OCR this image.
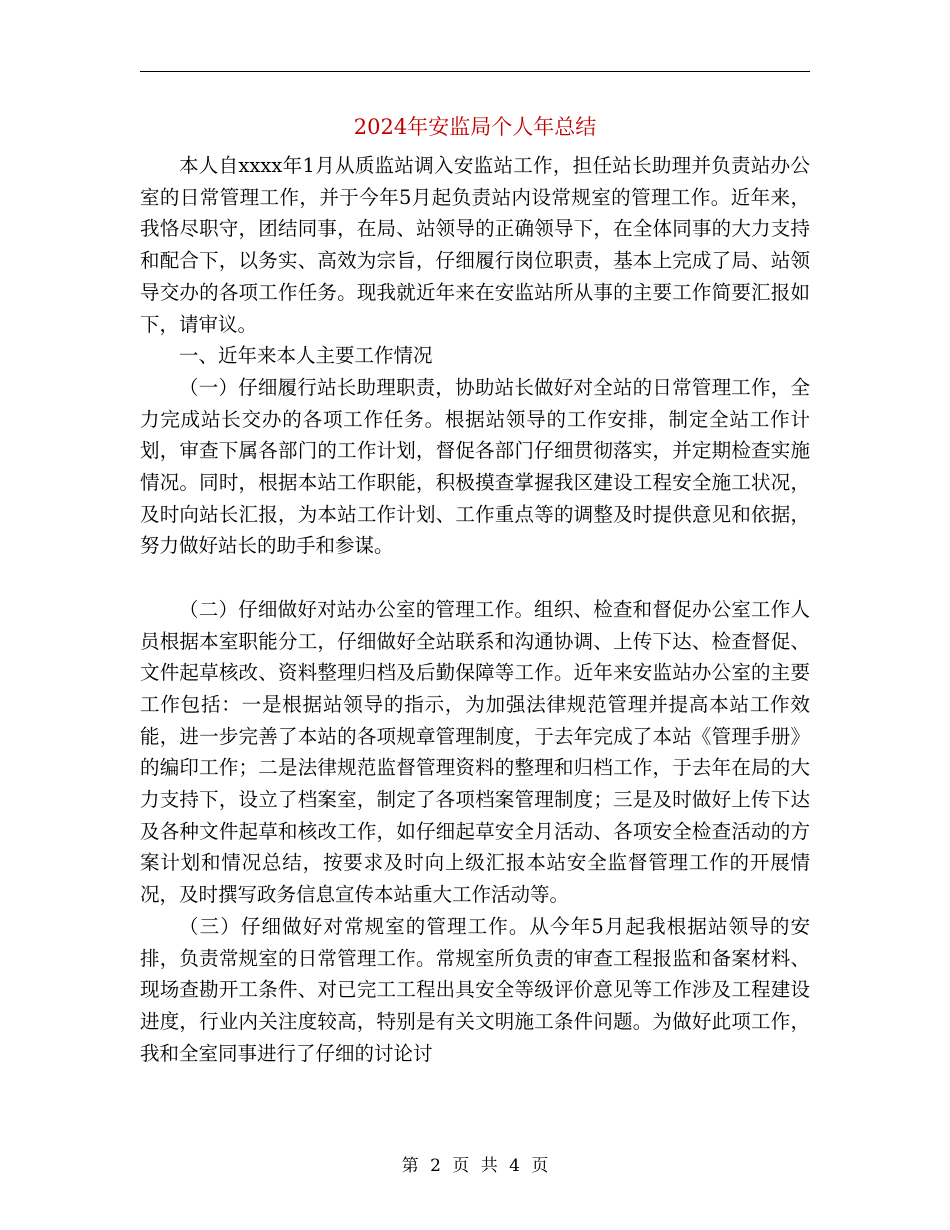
2024年安监局个人年总结

本人自xxxx年1月从质监站调入安监站工作，担任站长助理并负责站办公室的日常管理工作，并于今年5月起负责站内设常规室的管理工作。近年来，我恪尽职守，团结同事，在局、站领导的正确领导下，在全体同事的大力支持和配合下，以务实、高效为宗旨，仔细履行岗位职责，基本上完成了局、站领导交办的各项工作任务。现我就近年来在安监站所从事的主要工作简要汇报如下，请审议。

一、近年来本人主要工作情况

（一）仔细履行站长助理职责，协助站长做好对全站的日常管理工作，全力完成站长交办的各项工作任务。根据站领导的工作安排，制定全站工作计划，审查下属各部门的工作计划，督促各部门仔细贯彻落实，并定期检查实施情况。同时，根据本站工作职能，积极摸查掌握我区建设工程安全施工状况，及时向站长汇报，为本站工作计划、工作重点等的调整及时提供意见和依据，努力做好站长的助手和参谋。

（二）仔细做好对站办公室的管理工作。组织、检查和督促办公室工作人员根据本室职能分工，仔细做好全站联系和沟通协调、上传下达、检查督促、文件起草核改、资料整理归档及后勤保障等工作。近年来安监站办公室的主要工作包括：一是根据站领导的指示，为加强法律规范管理并提高本站工作效能，进一步完善了本站的各项规章管理制度，于去年完成了本站《管理手册》的编印工作；二是法律规范监督管理资料的整理和归档工作，于去年在局的大力支持下，设立了档案室，制定了各项档案管理制度；三是及时做好上传下达及各种文件起草和核改工作，如仔细起草安全月活动、各项安全检查活动的方案计划和情况总结，按要求及时向上级汇报本站安全监督管理工作的开展情况，及时撰写政务信息宣传本站重大工作活动等。

（三）仔细做好对常规室的管理工作。从今年5月起我根据站领导的安排，负责常规室的日常管理工作。常规室所负责的审查工程报监和备案材料、现场查勘开工条件、对已完工工程出具安全等级评价意见等工作涉及工程建设进度，行业内关注度较高，特别是有关文明施工条件问题。为做好此项工作，我和全室同事进行了仔细的讨论讨

第 2 页 共 4 页
